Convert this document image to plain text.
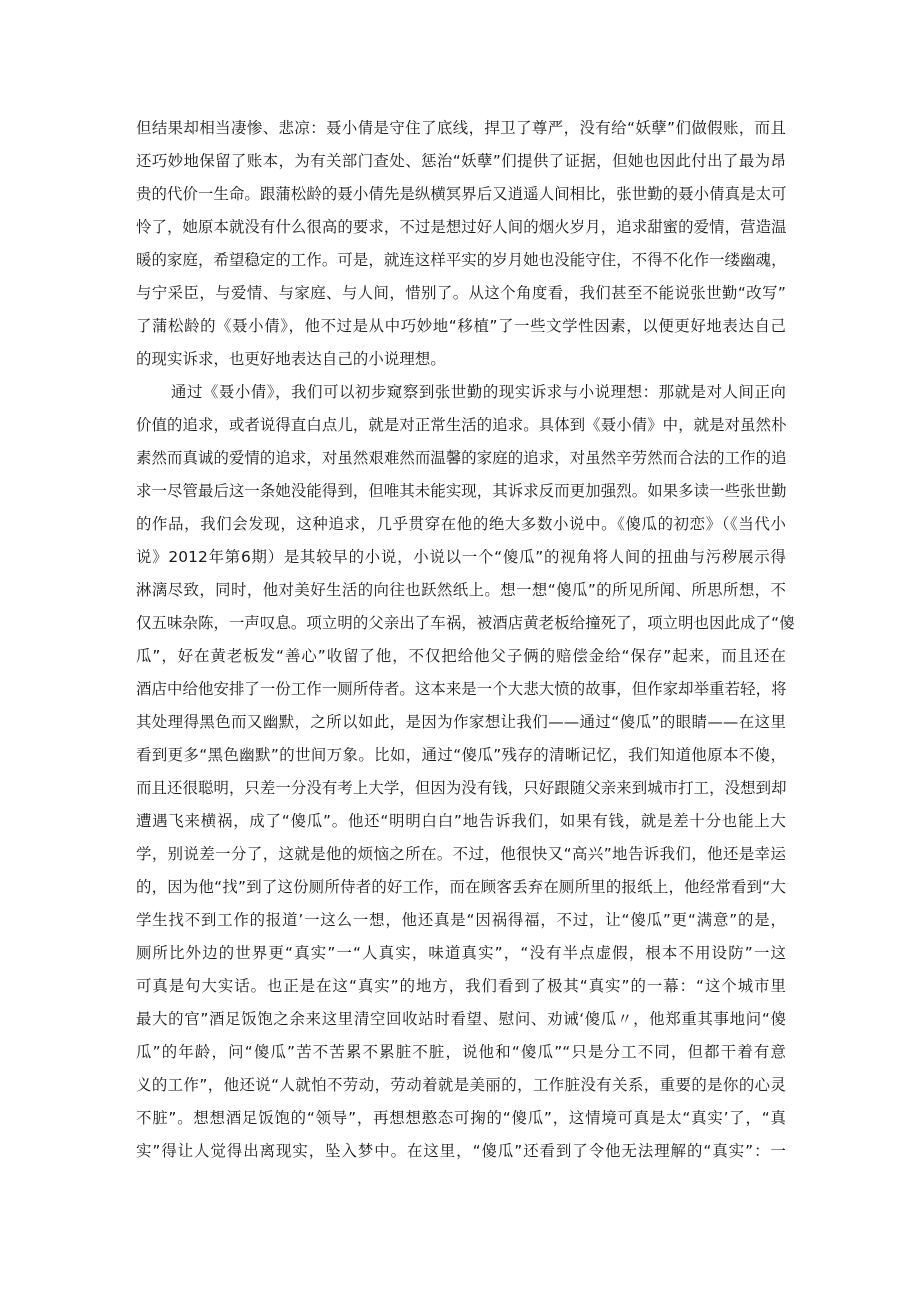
但结果却相当凄惨、悲凉：聂小倩是守住了底线，捍卫了尊严，没有给“妖孽”们做假账，而且
还巧妙地保留了账本，为有关部门查处、惩治“妖孽”们提供了证据，但她也因此付出了最为昂
贵的代价一生命。跟蒲松龄的聂小倩先是纵横冥界后又逍遥人间相比，张世勤的聂小倩真是太可
怜了，她原本就没有什么很高的要求，不过是想过好人间的烟火岁月，追求甜蜜的爱情，营造温
暖的家庭，希望稳定的工作。可是，就连这样平实的岁月她也没能守住，不得不化作一缕幽魂，
与宁采臣，与爱情、与家庭、与人间，惜别了。从这个角度看，我们甚至不能说张世勤“改写”
了蒲松龄的《聂小倩》，他不过是从中巧妙地“移植”了一些文学性因素，以便更好地表达自己
的现实诉求，也更好地表达自己的小说理想。
通过《聂小倩》，我们可以初步窥察到张世勤的现实诉求与小说理想：那就是对人间正向
价值的追求，或者说得直白点儿，就是对正常生活的追求。具体到《聂小倩》中，就是对虽然朴
素然而真诚的爱情的追求，对虽然艰难然而温馨的家庭的追求，对虽然辛劳然而合法的工作的追
求一尽管最后这一条她没能得到，但唯其未能实现，其诉求反而更加强烈。如果多读一些张世勤
的作品，我们会发现，这种追求，几乎贯穿在他的绝大多数小说中。《傻瓜的初恋》（《当代小
说》2012年第6期）是其较早的小说，小说以一个“傻瓜”的视角将人间的扭曲与污秽展示得
淋漓尽致，同时，他对美好生活的向往也跃然纸上。想一想“傻瓜”的所见所闻、所思所想，不
仅五味杂陈，一声叹息。项立明的父亲出了车祸，被酒店黄老板给撞死了，项立明也因此成了“傻
瓜”，好在黄老板发“善心”收留了他，不仅把给他父子俩的赔偿金给“保存”起来，而且还在
酒店中给他安排了一份工作一厕所侍者。这本来是一个大悲大愤的故事，但作家却举重若轻，将
其处理得黑色而又幽默，之所以如此，是因为作家想让我们——通过“傻瓜”的眼睛——在这里
看到更多“黑色幽默”的世间万象。比如，通过“傻瓜”残存的清晰记忆，我们知道他原本不傻，
而且还很聪明，只差一分没有考上大学，但因为没有钱，只好跟随父亲来到城市打工，没想到却
遭遇飞来横祸，成了“傻瓜”。他还“明明白白”地告诉我们，如果有钱，就是差十分也能上大
学，别说差一分了，这就是他的烦恼之所在。不过，他很快又“高兴”地告诉我们，他还是幸运
的，因为他“找”到了这份厕所侍者的好工作，而在顾客丢弃在厕所里的报纸上，他经常看到“大
学生找不到工作的报道’一这么一想，他还真是“因祸得福，不过，让“傻瓜”更“满意”的是，
厕所比外边的世界更“真实”一“人真实，味道真实”，“没有半点虚假，根本不用设防”一这
可真是句大实话。也正是在这“真实”的地方，我们看到了极其“真实”的一幕：“这个城市里
最大的官”酒足饭饱之余来这里清空回收站时看望、慰问、劝诫‘傻瓜〃，他郑重其事地问“傻
瓜”的年龄，问“傻瓜”苦不苦累不累脏不脏，说他和“傻瓜”“只是分工不同，但都干着有意
义的工作”，他还说“人就怕不劳动，劳动着就是美丽的，工作脏没有关系，重要的是你的心灵
不脏”。想想酒足饭饱的“领导”，再想想憨态可掬的“傻瓜”，这情境可真是太“真实’了，“真
实”得让人觉得出离现实，坠入梦中。在这里，“傻瓜”还看到了令他无法理解的“真实”：一
